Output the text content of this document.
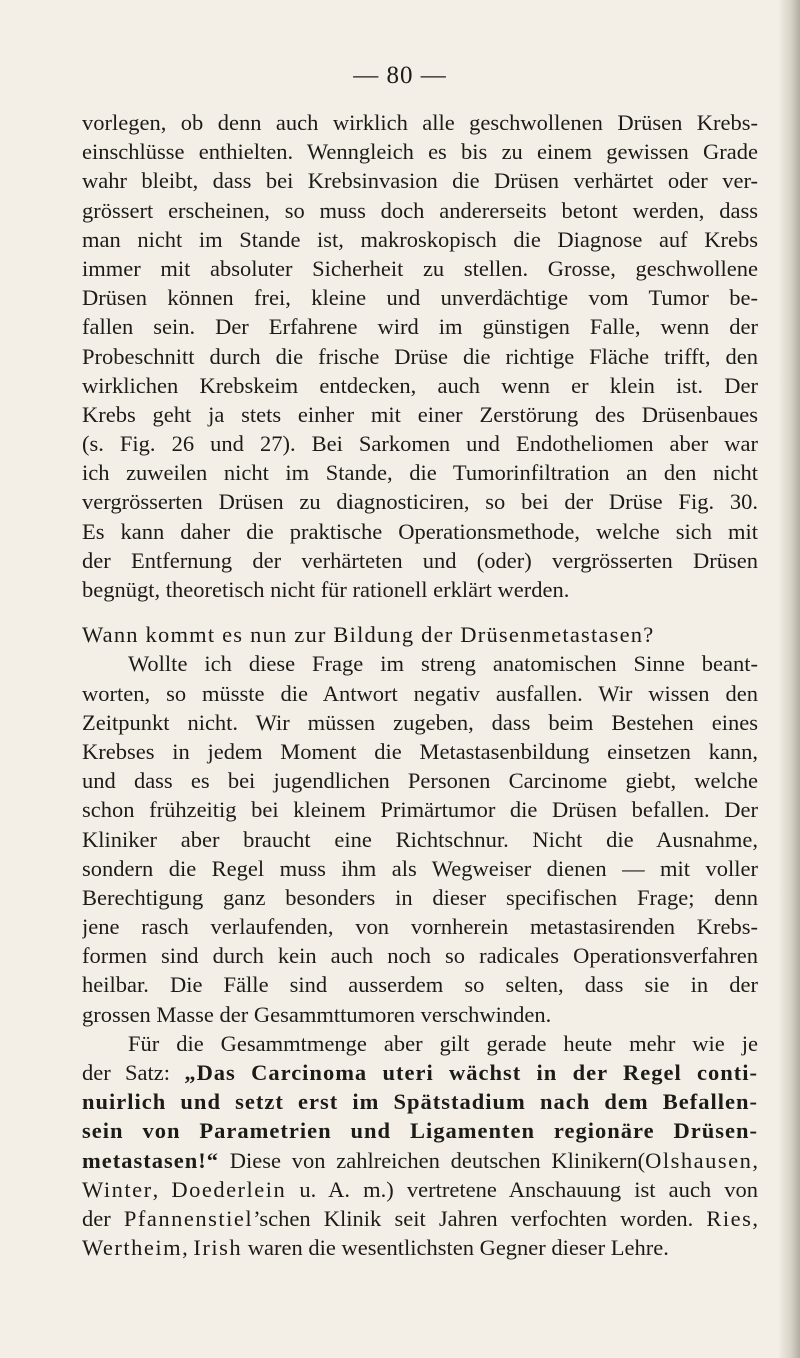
— 80 —
vorlegen, ob denn auch wirklich alle geschwollenen Drüsen Krebs-
einschlüsse enthielten. Wenngleich es bis zu einem gewissen Grade
wahr bleibt, dass bei Krebsinvasion die Drüsen verhärtet oder ver-
grössert erscheinen, so muss doch andererseits betont werden, dass
man nicht im Stande ist, makroskopisch die Diagnose auf Krebs
immer mit absoluter Sicherheit zu stellen. Grosse, geschwollene
Drüsen können frei, kleine und unverdächtige vom Tumor be-
fallen sein. Der Erfahrene wird im günstigen Falle, wenn der
Probeschnitt durch die frische Drüse die richtige Fläche trifft, den
wirklichen Krebskeim entdecken, auch wenn er klein ist. Der
Krebs geht ja stets einher mit einer Zerstörung des Drüsenbaues
(s. Fig. 26 und 27). Bei Sarkomen und Endotheliomen aber war
ich zuweilen nicht im Stande, die Tumorinfiltration an den nicht
vergrösserten Drüsen zu diagnosticiren, so bei der Drüse Fig. 30.
Es kann daher die praktische Operationsmethode, welche sich mit
der Entfernung der verhärteten und (oder) vergrösserten Drüsen
begnügt, theoretisch nicht für rationell erklärt werden.
Wann kommt es nun zur Bildung der Drüsenmetastasen?
Wollte ich diese Frage im streng anatomischen Sinne beant-
worten, so müsste die Antwort negativ ausfallen. Wir wissen den
Zeitpunkt nicht. Wir müssen zugeben, dass beim Bestehen eines
Krebses in jedem Moment die Metastasenbildung einsetzen kann,
und dass es bei jugendlichen Personen Carcinome giebt, welche
schon frühzeitig bei kleinem Primärtumor die Drüsen befallen. Der
Kliniker aber braucht eine Richtschnur. Nicht die Ausnahme,
sondern die Regel muss ihm als Wegweiser dienen — mit voller
Berechtigung ganz besonders in dieser specifischen Frage; denn
jene rasch verlaufenden, von vornherein metastasirenden Krebs-
formen sind durch kein auch noch so radicales Operationsverfahren
heilbar. Die Fälle sind ausserdem so selten, dass sie in der
grossen Masse der Gesammttumoren verschwinden.
Für die Gesammtmenge aber gilt gerade heute mehr wie je
der Satz: „Das Carcinoma uteri wächst in der Regel conti-
nuirlich und setzt erst im Spätstadium nach dem Befallen-
sein von Parametrien und Ligamenten regionäre Drüsen-
metastasen!“ Diese von zahlreichen deutschen Klinikern(Olshausen,
Winter, Doederlein u. A. m.) vertretene Anschauung ist auch von
der Pfannenstiel’schen Klinik seit Jahren verfochten worden. Ries,
Wertheim, Irish waren die wesentlichsten Gegner dieser Lehre.
